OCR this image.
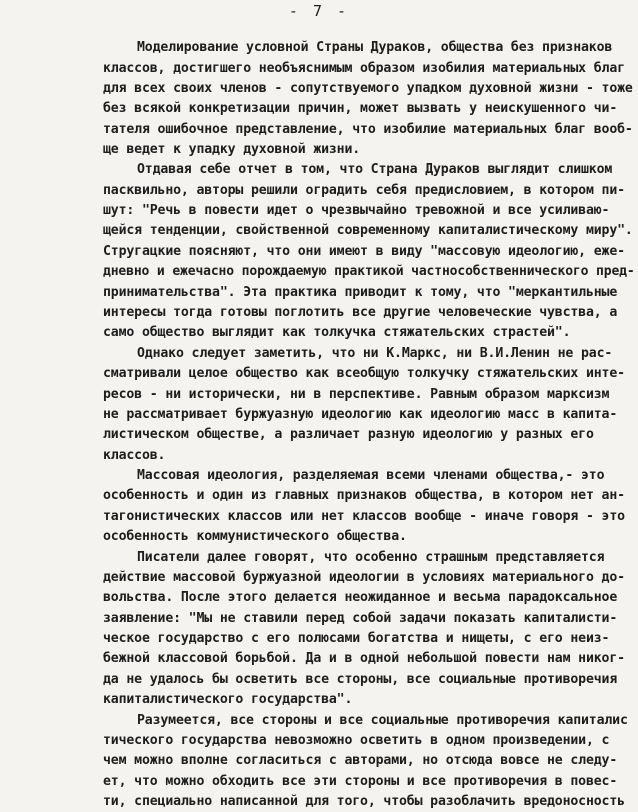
- 7 -
Моделирование условной Страны Дураков, общества без признаков
классов, достигшего необъяснимым образом изобилия материальных благ
для всех своих членов - сопутствуемого упадком духовной жизни - тоже
без всякой конкретизации причин, может вызвать у неискушенного чи-
тателя ошибочное представление, что изобилие материальных благ вооб-
ще ведет к упадку духовной жизни.
Отдавая себе отчет в том, что Страна Дураков выглядит слишком
пасквильно, авторы решили оградить себя предисловием, в котором пи-
шут: "Речь в повести идет о чрезвычайно тревожной и все усиливаю-
щейся тенденции, свойственной современному капиталистическому миру".
Стругацкие поясняют, что они имеют в виду "массовую идеологию, еже-
дневно и ежечасно порождаемую практикой частнособственнического пред-
принимательства". Эта практика приводит к тому, что "меркантильные
интересы тогда готовы поглотить все другие человеческие чувства, а
само общество выглядит как толкучка стяжательских страстей".
Однако следует заметить, что ни К.Маркс, ни В.И.Ленин не рас-
сматривали целое общество как всеобщую толкучку стяжательских инте-
ресов - ни исторически, ни в перспективе. Равным образом марксизм
не рассматривает буржуазную идеологию как идеологию масс в капита-
листическом обществе, а различает разную идеологию у разных его
классов.
Массовая идеология, разделяемая всеми членами общества,- это
особенность и один из главных признаков общества, в котором нет ан-
тагонистических классов или нет классов вообще - иначе говоря - это
особенность коммунистического общества.
Писатели далее говорят, что особенно страшным представляется
действие массовой буржуазной идеологии в условиях материального до-
вольства. После этого делается неожиданное и весьма парадоксальное
заявление: "Мы не ставили перед собой задачи показать капиталисти-
ческое государство с его полюсами богатства и нищеты, с его неиз-
бежной классовой борьбой. Да и в одной небольшой повести нам никог-
да не удалось бы осветить все стороны, все социальные противоречия
капиталистического государства".
Разумеется, все стороны и все социальные противоречия капиталис
тического государства невозможно осветить в одном произведении, с
чем можно вполне согласиться с авторами, но отсюда вовсе не следу-
ет, что можно обходить все эти стороны и все противоречия в повес-
ти, специально написанной для того, чтобы разоблачить вредоносность
